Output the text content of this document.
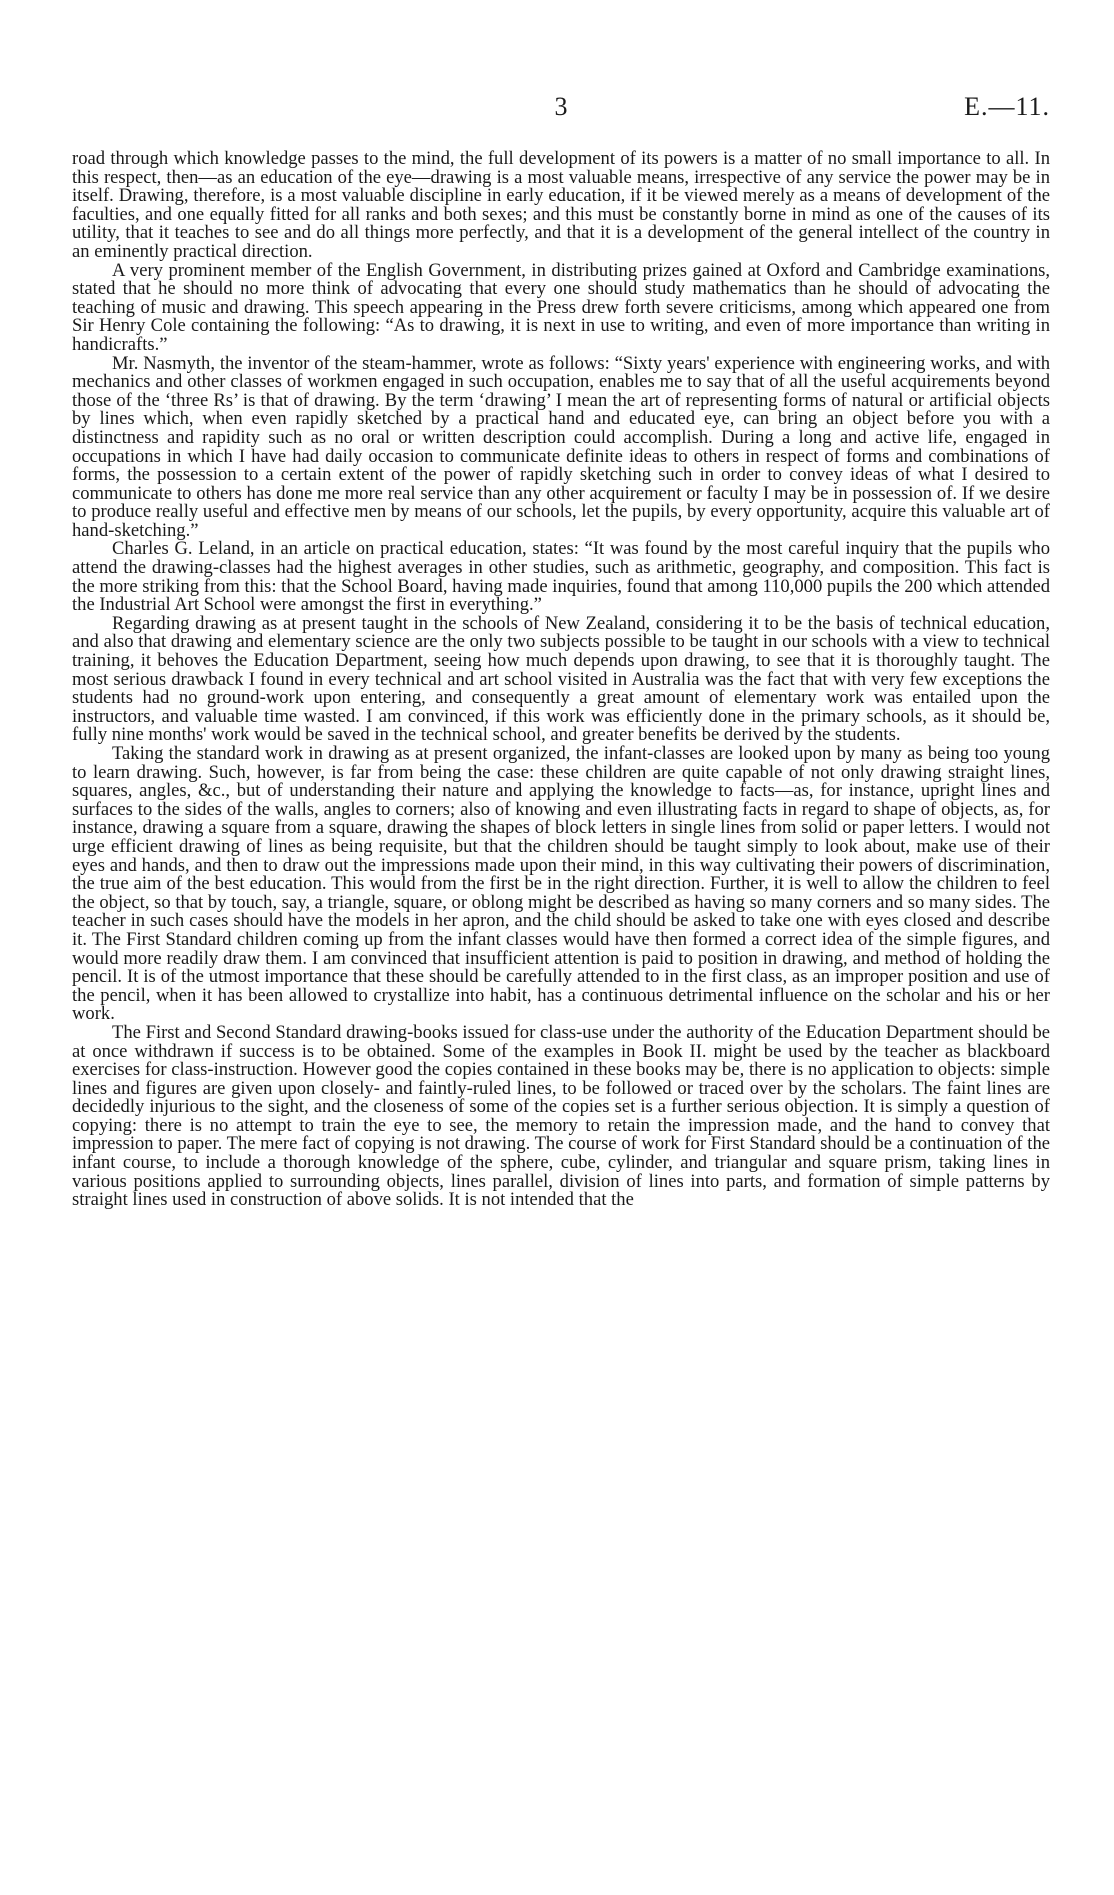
3	E.—11.

road through which knowledge passes to the mind, the full development of its powers is a matter of no small importance to all. In this respect, then—as an education of the eye—drawing is a most valuable means, irrespective of any service the power may be in itself. Drawing, therefore, is a most valuable discipline in early education, if it be viewed merely as a means of development of the faculties, and one equally fitted for all ranks and both sexes; and this must be constantly borne in mind as one of the causes of its utility, that it teaches to see and do all things more perfectly, and that it is a development of the general intellect of the country in an eminently practical direction.

A very prominent member of the English Government, in distributing prizes gained at Oxford and Cambridge examinations, stated that he should no more think of advocating that every one should study mathematics than he should of advocating the teaching of music and drawing. This speech appearing in the Press drew forth severe criticisms, among which appeared one from Sir Henry Cole containing the following: “As to drawing, it is next in use to writing, and even of more importance than writing in handicrafts.”

Mr. Nasmyth, the inventor of the steam-hammer, wrote as follows: “Sixty years' experience with engineering works, and with mechanics and other classes of workmen engaged in such occupation, enables me to say that of all the useful acquirements beyond those of the ‘three Rs’ is that of drawing. By the term ‘drawing’ I mean the art of representing forms of natural or artificial objects by lines which, when even rapidly sketched by a practical hand and educated eye, can bring an object before you with a distinctness and rapidity such as no oral or written description could accomplish. During a long and active life, engaged in occupations in which I have had daily occasion to communicate definite ideas to others in respect of forms and combinations of forms, the possession to a certain extent of the power of rapidly sketching such in order to convey ideas of what I desired to communicate to others has done me more real service than any other acquirement or faculty I may be in possession of. If we desire to produce really useful and effective men by means of our schools, let the pupils, by every opportunity, acquire this valuable art of hand-sketching.”

Charles G. Leland, in an article on practical education, states: “It was found by the most careful inquiry that the pupils who attend the drawing-classes had the highest averages in other studies, such as arithmetic, geography, and composition. This fact is the more striking from this: that the School Board, having made inquiries, found that among 110,000 pupils the 200 which attended the Industrial Art School were amongst the first in everything.”

Regarding drawing as at present taught in the schools of New Zealand, considering it to be the basis of technical education, and also that drawing and elementary science are the only two subjects possible to be taught in our schools with a view to technical training, it behoves the Education Department, seeing how much depends upon drawing, to see that it is thoroughly taught. The most serious drawback I found in every technical and art school visited in Australia was the fact that with very few exceptions the students had no ground-work upon entering, and consequently a great amount of elementary work was entailed upon the instructors, and valuable time wasted. I am convinced, if this work was efficiently done in the primary schools, as it should be, fully nine months' work would be saved in the technical school, and greater benefits be derived by the students.

Taking the standard work in drawing as at present organized, the infant-classes are looked upon by many as being too young to learn drawing. Such, however, is far from being the case: these children are quite capable of not only drawing straight lines, squares, angles, &c., but of understanding their nature and applying the knowledge to facts—as, for instance, upright lines and surfaces to the sides of the walls, angles to corners; also of knowing and even illustrating facts in regard to shape of objects, as, for instance, drawing a square from a square, drawing the shapes of block letters in single lines from solid or paper letters. I would not urge efficient drawing of lines as being requisite, but that the children should be taught simply to look about, make use of their eyes and hands, and then to draw out the impressions made upon their mind, in this way cultivating their powers of discrimination, the true aim of the best education. This would from the first be in the right direction. Further, it is well to allow the children to feel the object, so that by touch, say, a triangle, square, or oblong might be described as having so many corners and so many sides. The teacher in such cases should have the models in her apron, and the child should be asked to take one with eyes closed and describe it. The First Standard children coming up from the infant classes would have then formed a correct idea of the simple figures, and would more readily draw them. I am convinced that insufficient attention is paid to position in drawing, and method of holding the pencil. It is of the utmost importance that these should be carefully attended to in the first class, as an improper position and use of the pencil, when it has been allowed to crystallize into habit, has a continuous detrimental influence on the scholar and his or her work.

The First and Second Standard drawing-books issued for class-use under the authority of the Education Department should be at once withdrawn if success is to be obtained. Some of the examples in Book II. might be used by the teacher as blackboard exercises for class-instruction. However good the copies contained in these books may be, there is no application to objects: simple lines and figures are given upon closely- and faintly-ruled lines, to be followed or traced over by the scholars. The faint lines are decidedly injurious to the sight, and the closeness of some of the copies set is a further serious objection. It is simply a question of copying: there is no attempt to train the eye to see, the memory to retain the impression made, and the hand to convey that impression to paper. The mere fact of copying is not drawing. The course of work for First Standard should be a continuation of the infant course, to include a thorough knowledge of the sphere, cube, cylinder, and triangular and square prism, taking lines in various positions applied to surrounding objects, lines parallel, division of lines into parts, and formation of simple patterns by straight lines used in construction of above solids. It is not intended that the
